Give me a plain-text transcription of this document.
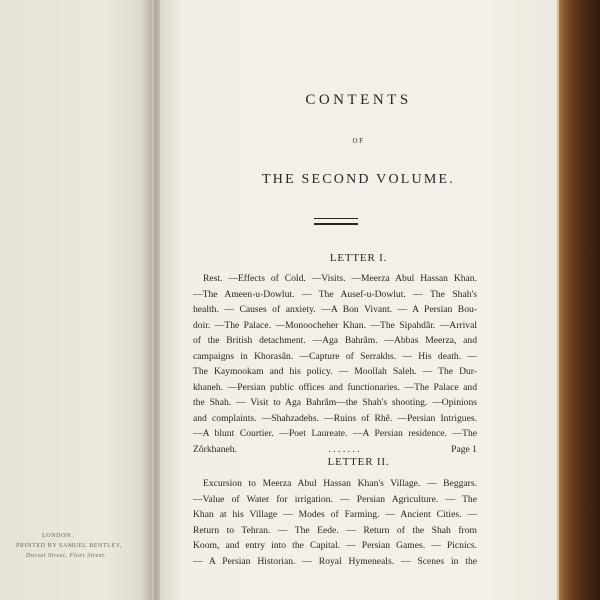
LONDON :
PRINTED BY SAMUEL BENTLEY,
Dorset Street, Fleet Street.
CONTENTS
OF
THE SECOND VOLUME.
LETTER I.
Rest. —Effects of Cold. —Visits. —Meerza Abul Hassan Khan.
—The Ameen-u-Dowlut. — The Ausef-u-Dowlut. — The Shah's
health. — Causes of anxiety. —A Bon Vivant. — A Persian Bou-
doir. —The Palace. —Monoocheher Khan. —The Sipahdâr. —Arrival
of the British detachment. —Aga Bahrâm. —Abbas Meerza, and
campaigns in Khorasân. —Capture of Serrakhs. — His death. —
The Kaymookam and his policy. — Moollah Saleh. — The Dur-
khaneh. —Persian public offices and functionaries. —The Palace and
the Shah. — Visit to Aga Bahrâm—the Shah's shooting. —Opinions
and complaints. —Shahzadehs. —Ruins of Rhê. —Persian Intrigues.
—A blunt Courtier. —Poet Laureate. —A Persian residence. —The
Zôrkhaneh.	. . . . . . .	Page 1
LETTER II.
Excursion to Meerza Abul Hassan Khan's Village. — Beggars.
—Value of Water for irrigation. — Persian Agriculture. — The
Khan at his Village — Modes of Farming. — Ancient Cities. —
Return to Tehran. — The Eede. — Return of the Shah from
Koom, and entry into the Capital. — Persian Games. — Picnics.
— A Persian Historian. — Royal Hymeneals. — Scenes in the
